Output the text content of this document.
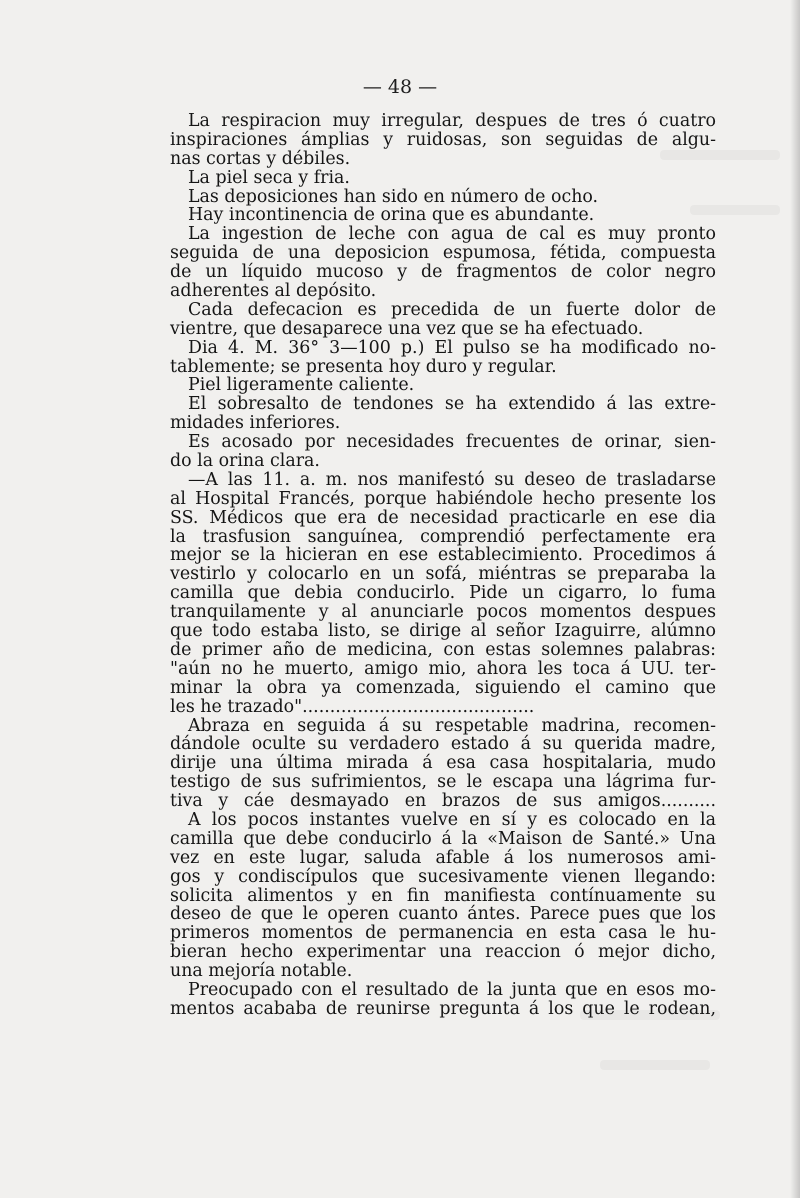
— 48 —
La respiracion muy irregular, despues de tres ó cuatro
inspiraciones ámplias y ruidosas, son seguidas de algu-
nas cortas y débiles.
La piel seca y fria.
Las deposiciones han sido en número de ocho.
Hay incontinencia de orina que es abundante.
La ingestion de leche con agua de cal es muy pronto
seguida de una deposicion espumosa, fétida, compuesta
de un líquido mucoso y de fragmentos de color negro
adherentes al depósito.
Cada defecacion es precedida de un fuerte dolor de
vientre, que desaparece una vez que se ha efectuado.
Dia 4. M. 36° 3—100 p.) El pulso se ha modificado no-
tablemente; se presenta hoy duro y regular.
Piel ligeramente caliente.
El sobresalto de tendones se ha extendido á las extre-
midades inferiores.
Es acosado por necesidades frecuentes de orinar, sien-
do la orina clara.
—A las 11. a. m. nos manifestó su deseo de trasladarse
al Hospital Francés, porque habiéndole hecho presente los
SS. Médicos que era de necesidad practicarle en ese dia
la trasfusion sanguínea, comprendió perfectamente era
mejor se la hicieran en ese establecimiento. Procedimos á
vestirlo y colocarlo en un sofá, miéntras se preparaba la
camilla que debia conducirlo. Pide un cigarro, lo fuma
tranquilamente y al anunciarle pocos momentos despues
que todo estaba listo, se dirige al señor Izaguirre, alúmno
de primer año de medicina, con estas solemnes palabras:
"aún no he muerto, amigo mio, ahora les toca á UU. ter-
minar la obra ya comenzada, siguiendo el camino que
les he trazado"..........................................
Abraza en seguida á su respetable madrina, recomen-
dándole oculte su verdadero estado á su querida madre,
dirije una última mirada á esa casa hospitalaria, mudo
testigo de sus sufrimientos, se le escapa una lágrima fur-
tiva y cáe desmayado en brazos de sus amigos..........
A los pocos instantes vuelve en sí y es colocado en la
camilla que debe conducirlo á la «Maison de Santé.» Una
vez en este lugar, saluda afable á los numerosos ami-
gos y condiscípulos que sucesivamente vienen llegando:
solicita alimentos y en fin manifiesta contínuamente su
deseo de que le operen cuanto ántes. Parece pues que los
primeros momentos de permanencia en esta casa le hu-
bieran hecho experimentar una reaccion ó mejor dicho,
una mejoría notable.
Preocupado con el resultado de la junta que en esos mo-
mentos acababa de reunirse pregunta á los que le rodean,
